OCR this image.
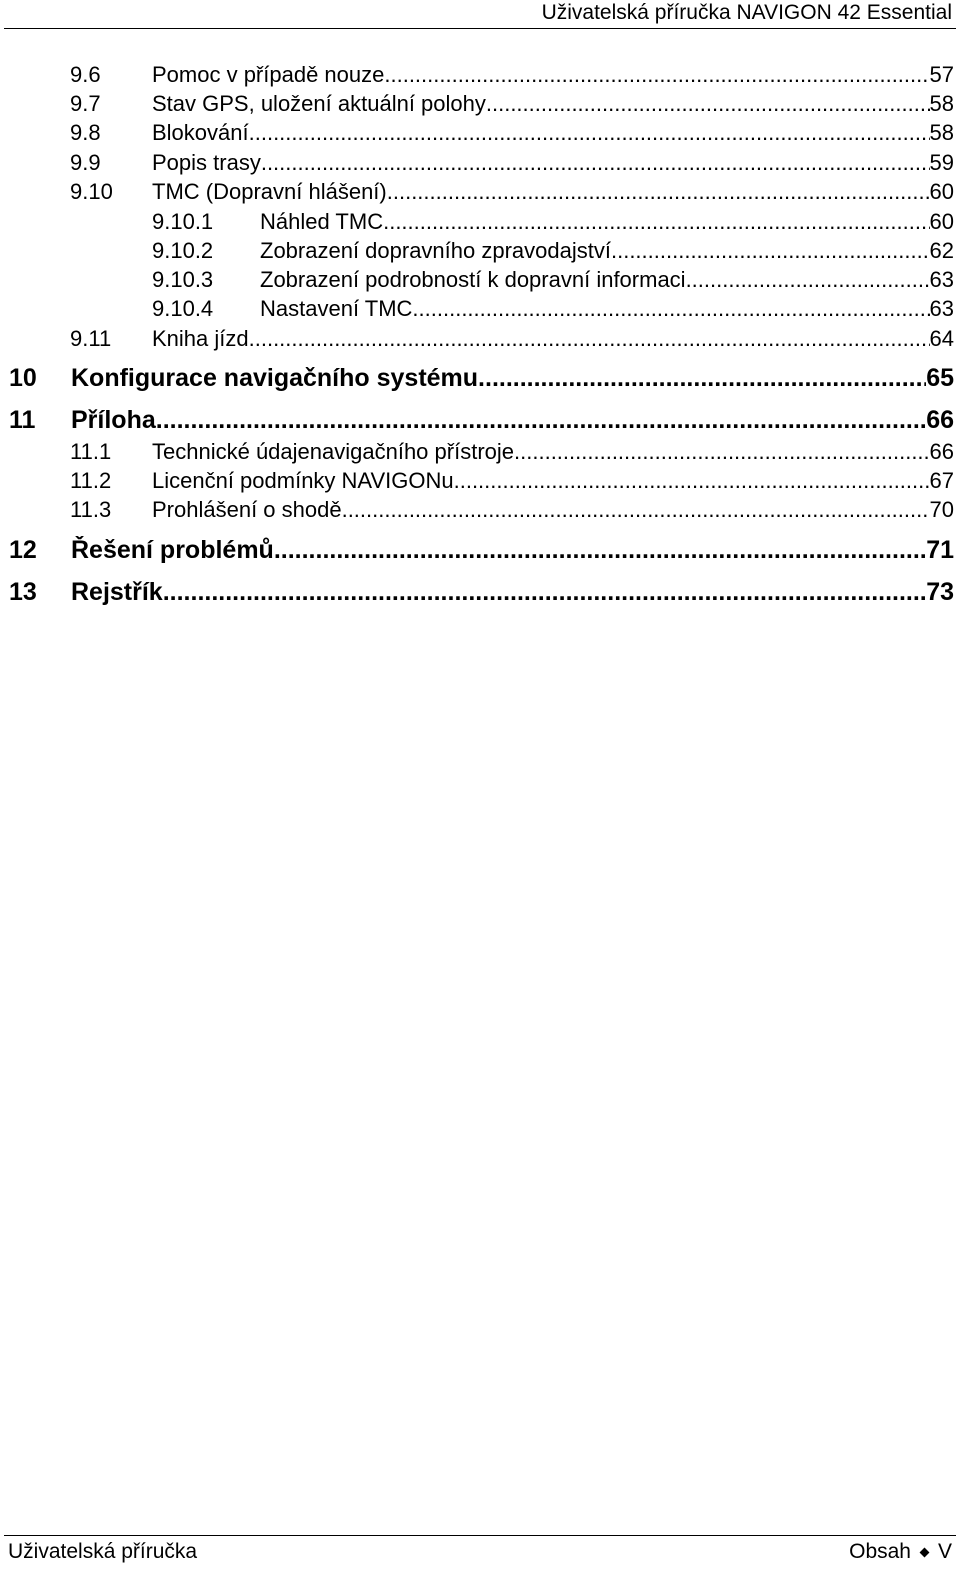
Uživatelská příručka NAVIGON 42 Essential
9.6	Pomoc v případě nouze .....	57
9.7	Stav GPS, uložení aktuální polohy .....	58
9.8	Blokování .....	58
9.9	Popis trasy .....	59
9.10	TMC (Dopravní hlášení) .....	60
9.10.1	Náhled TMC .....	60
9.10.2	Zobrazení dopravního zpravodajství .....	62
9.10.3	Zobrazení podrobností k dopravní informaci .....	63
9.10.4	Nastavení TMC .....	63
9.11	Kniha jízd .....	64
10	Konfigurace navigačního systému .....	65
11	Příloha .....	66
11.1	Technické údajenavigačního přístroje .....	66
11.2	Licenční podmínky NAVIGONu .....	67
11.3	Prohlášení o shodě .....	70
12	Řešení problémů .....	71
13	Rejstřík .....	73
Uživatelská příručka	Obsah V
